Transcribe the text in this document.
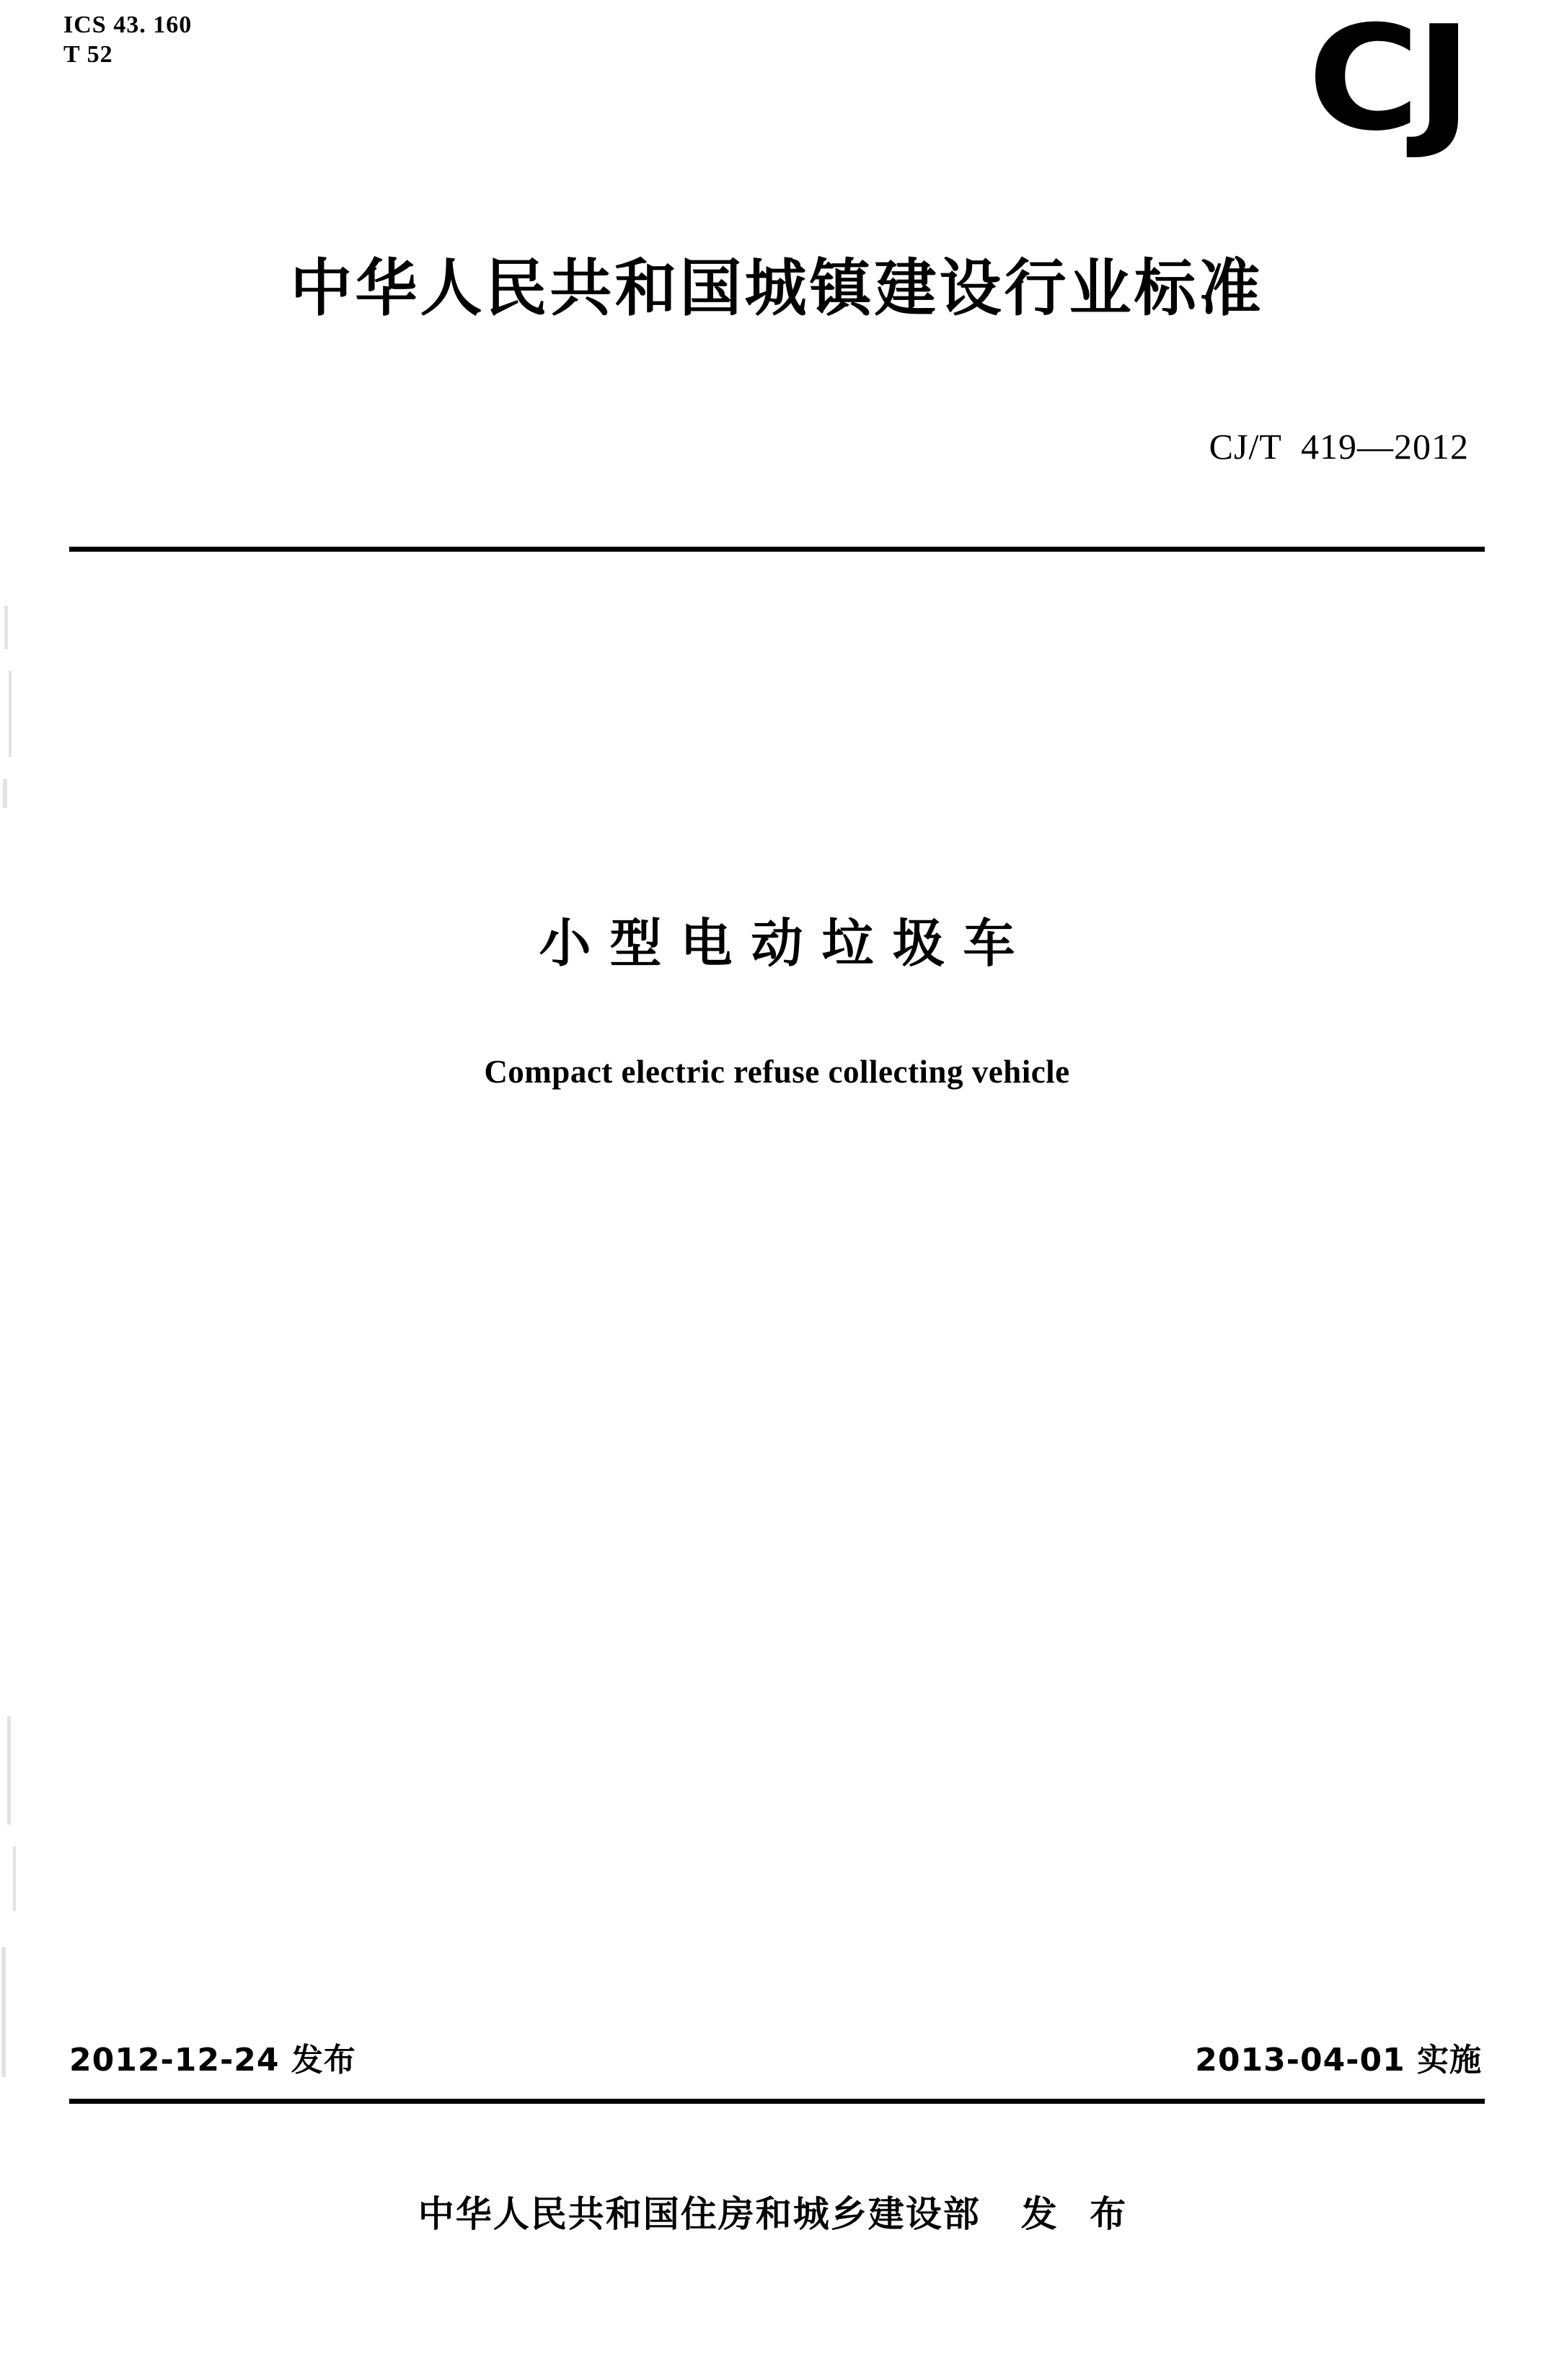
ICS 43. 160
T 52	CJ
中华人民共和国城镇建设行业标准
CJ/T  419—2012
小型电动垃圾车
Compact electric refuse collecting vehicle
2012-12-24 发布	2013-04-01 实施
中华人民共和国住房和城乡建设部 发 布
